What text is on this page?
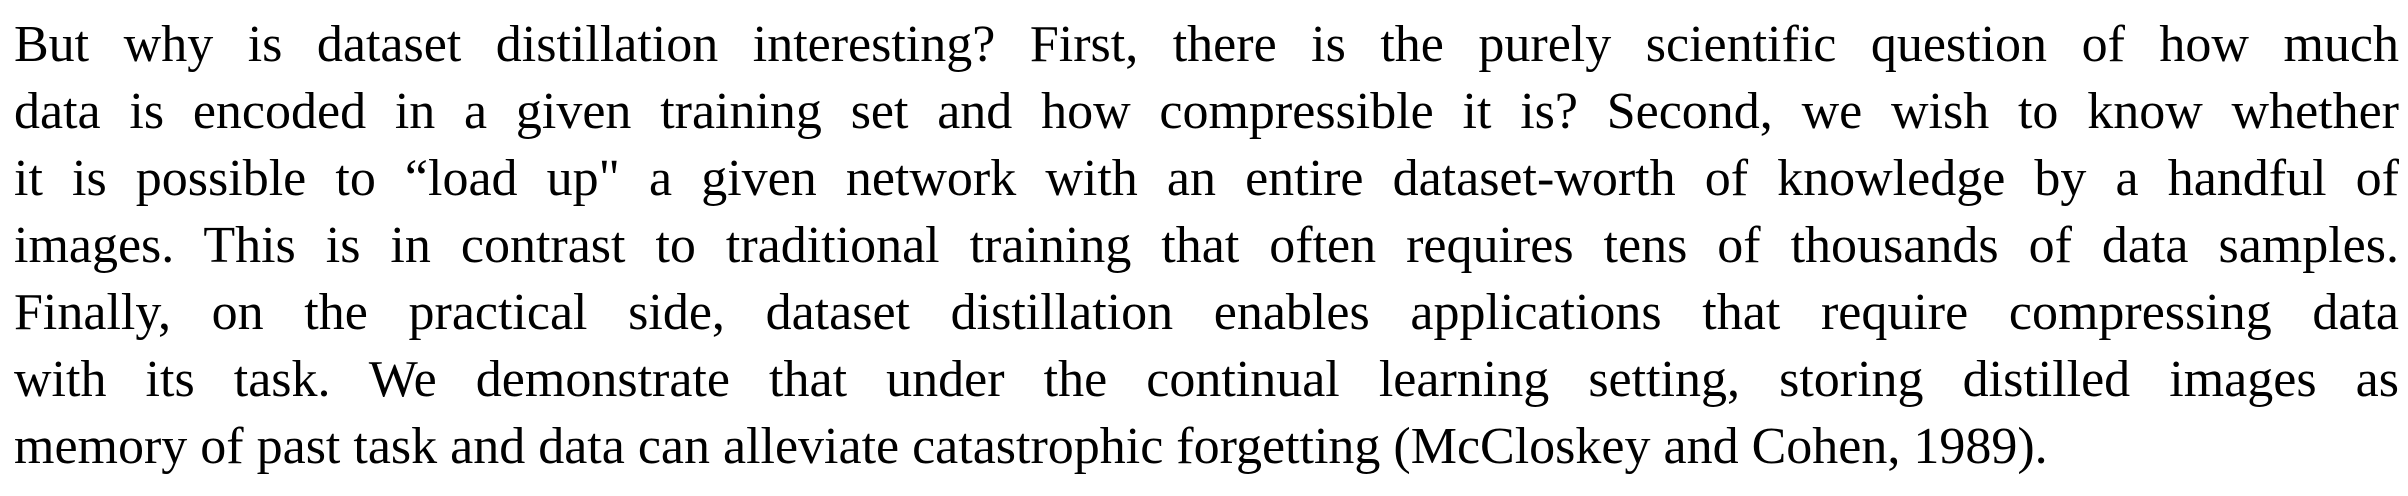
But why is dataset distillation interesting? First, there is the purely scientific question of how much
data is encoded in a given training set and how compressible it is? Second, we wish to know whether
it is possible to “load up" a given network with an entire dataset-worth of knowledge by a handful of
images. This is in contrast to traditional training that often requires tens of thousands of data samples.
Finally, on the practical side, dataset distillation enables applications that require compressing data
with its task. We demonstrate that under the continual learning setting, storing distilled images as
memory of past task and data can alleviate catastrophic forgetting (McCloskey and Cohen, 1989).
